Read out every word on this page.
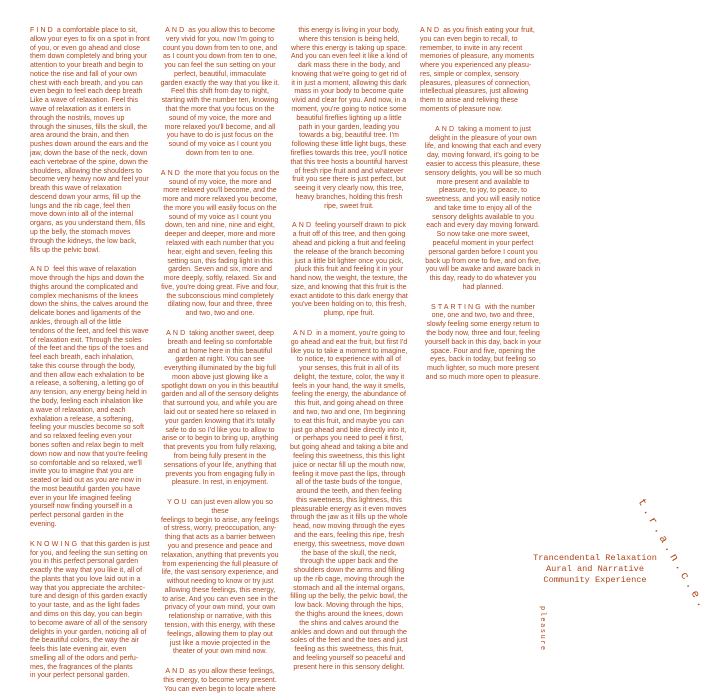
FIND a comfortable place to sit,
allow your eyes to fix on a spot in front
of you, or even go ahead and close
them down completely and bring your
attention to your breath and begin to
notice the rise and fall of your own
chest with each breath, and you can
even begin to feel each deep breath
Like a wave of relaxation. Feel this
wave of relaxation as it enters in
through the nostrils, moves up
through the sinuses, fills the skull, the
area around the brain, and then
pushes down around the ears and the
jaw, down the base of the neck, down
each vertebrae of the spine, down the
shoulders, allowing the shoulders to
become very heavy now and feel your
breath this wave of relaxation
descend down your arms, fill up the
lungs and the rib cage, feel then
move down into all of the internal
organs, as you understand them, fills
up the belly, the stomach moves
through the kidneys, the low back,
fills up the pelvic bowl.

AND feel this wave of relaxation
move through the hips and down the
thighs around the complicated and
complex mechanisms of the knees
down the shins, the calves around the
delicate bones and ligaments of the
ankles, through all of the little
tendons of the feet, and feel this wave
of relaxation exit. Through the soles
of the feet and the tips of the toes and
feel each breath, each inhalation,
take this course through the body,
and then allow each exhalation to be
a release, a softening, a letting go of
any tension, any energy being held in
the body, feeling each inhalation like
a wave of relaxation, and each
exhalation a release, a softening,
feeling your muscles become so soft
and so relaxed feeling even your
bones soften and relax begin to melt
down now and now that you're feeling
so comfortable and so relaxed, we'll
invite you to imagine that you are
seated or laid out as you are now in
the most beautiful garden you have
ever in your life imagined feeling
yourself now finding yourself in a
perfect personal garden in the
evening.

KNOWING that this garden is just
for you, and feeling the sun setting on
you in this perfect personal garden
exactly the way that you like it, all of
the plants that you love laid out in a
way that you appreciate the architec-
ture and design of this garden exactly
to your taste, and as the light fades
and dims on this day, you can begin
to become aware of all of the sensory
delights in your garden, noticing all of
the beautiful colors, the way the air
feels this late evening air, even
smelling all of the odors and perfu-
mes, the fragrances of the plants
in your perfect personal garden.

AND as you allow this to become
very vivid for you, now I'm going to
count you down from ten to one, and
as I count you down from ten to one,
you can feel the sun setting on your
perfect, beautiful, immaculate
garden exactly the way that you like it.
Feel this shift from day to night,
starting with the number ten, knowing
that the more that you focus on the
sound of my voice, the more and
more relaxed you'll become, and all
you have to do is just focus on the
sound of my voice as I count you
down from ten to one.

AND the more that you focus on the
sound of my voice, the more and
more relaxed you'll become, and the
more and more relaxed you become,
the more you will easily focus on the
sound of my voice as I count you
down, ten and nine, nine and eight,
deeper and deeper, more and more
relaxed with each number that you
hear, eight and seven, feeling this
setting sun, this fading light in this
garden. Seven and six, more and
more deeply, softly, relaxed. Six and
five, you're doing great. Five and four,
the subconscious mind completely
dilating now, four and three, three
and two, two and one.

AND taking another sweet, deep
breath and feeling so comfortable
and at home here in this beautiful
garden at night. You can see
everything illuminated by the big full
moon above just glowing like a
spotlight down on you in this beautiful
garden and all of the sensory delights
that surround you, and while you are
laid out or seated here so relaxed in
your garden knowing that it's totally
safe to do so I'd like you to allow to
arise or to begin to bring up, anything
that prevents you from fully relaxing,
from being fully present in the
sensations of your life, anything that
prevents you from engaging fully in
pleasure. In rest, in enjoyment.

YOU can just even allow you so these
feelings to begin to arise, any feelings
of stress, worry, preoccupation, any-
thing that acts as a barrier between
you and presence and peace and
relaxation, anything that prevents you
from experiencing the full pleasure of
life, the vast sensory experience, and
without needing to know or try just
allowing these feelings, this energy,
to arise. And you can even see in the
privacy of your own mind, your own
relationship or narrative, with this
tension, with this energy, with these
feelings, allowing them to play out
just like a movie projected in the
theater of your own mind now.

AND as you allow these feelings,
this energy, to become very present.
You can even begin to locate where

this energy is living in your body,
where this tension is being held,
where this energy is taking up space.
And you can even feel it like a kind of
dark mass there in the body, and
knowing that we're going to get rid of
it in just a moment, allowing this dark
mass in your body to become quite
vivid and clear for you. And now, in a
moment, you're going to notice some
beautiful fireflies lighting up a little
path in your garden, leading you
towards a big, beautiful tree. I'm
following these little light bugs, these
fireflies towards this tree, you'll notice
that this tree hosts a bountiful harvest
of fresh ripe fruit and and whatever
fruit you see there is just perfect, but
seeing it very clearly now, this tree,
heavy branches, holding this fresh
ripe, sweet fruit.

AND feeling yourself drawn to pick
a fruit off of this tree, and then going
ahead and picking a fruit and feeling
the release of the branch becoming
just a little bit lighter once you pick,
pluck this fruit and feeling it in your
hand now, the weight, the texture, the
size, and knowing that this fruit is the
exact antidote to this dark energy that
you've been holding on to, this fresh,
plump, ripe fruit.

AND in a moment, you're going to
go ahead and eat the fruit, but first I'd
like you to take a moment to imagine,
to notice, to experience with all of
your senses, this fruit in all of its
delight, the texture, color, the way it
feels in your hand, the way it smells,
feeling the energy, the abundance of
this fruit, and going ahead on three
and two, two and one, I'm beginning
to eat this fruit, and maybe you can
just go ahead and bite directly into it,
or perhaps you need to peel it first,
but going ahead and taking a bite and
feeling this sweetness, this this light
juice or nectar fill up the mouth now,
feeling it move past the lips, through
all of the taste buds of the tongue,
around the teeth, and then feeling
this sweetness, this lightness, this
pleasurable energy as it even moves
through the jaw as it fills up the whole
head, now moving through the eyes
and the ears, feeling this ripe, fresh
energy, this sweetness, move down
the base of the skull, the neck,
through the upper back and the
shoulders down the arms and filling
up the rib cage, moving through the
stomach and all the internal organs,
filling up the belly, the pelvic bowl, the
low back. Moving through the hips,
the thighs around the knees, down
the shins and calves around the
ankles and down and out through the
soles of the feet and the toes and just
feeling as this sweetness, this fruit,
and feeling yourself so peaceful and
present here in this sensory delight.

AND as you finish eating your fruit,
you can even begin to recall, to
remember, to invite in any recent
memories of pleasure, any moments
where you experienced any pleasu-
res, simple or complex, sensory
pleasures, pleasures of connection,
intellectual pleasures, just allowing
them to arise and reliving these
moments of pleasure now.

AND taking a moment to just
delight in the pleasure of your own
life, and knowing that each and every
day, moving forward, it's going to be
easier to access this pleasure, these
sensory delights, you will be so much
more present and available to
pleasure, to joy, to peace, to
sweetness, and you will easily notice
and take time to enjoy all of the
sensory delights available to you
each and every day moving forward.
So now take one more sweet,
peaceful moment in your perfect
personal garden before I count you
back up from one to five, and on five,
you will be awake and aware back in
this day, ready to do whatever you
had planned.

STARTING with the number
one, one and two, two and three,
slowly feeling some energy return to
the body now, three and four, feeling
yourself back in this day, back in your
space. Four and five, opening the
eyes, back in today, but feeling so
much lighter, so much more present
and so much more open to pleasure.

t.r.a.n.c.e.
pleasure
Trancendental Relaxation
Aural and Narrative
Community Experience
